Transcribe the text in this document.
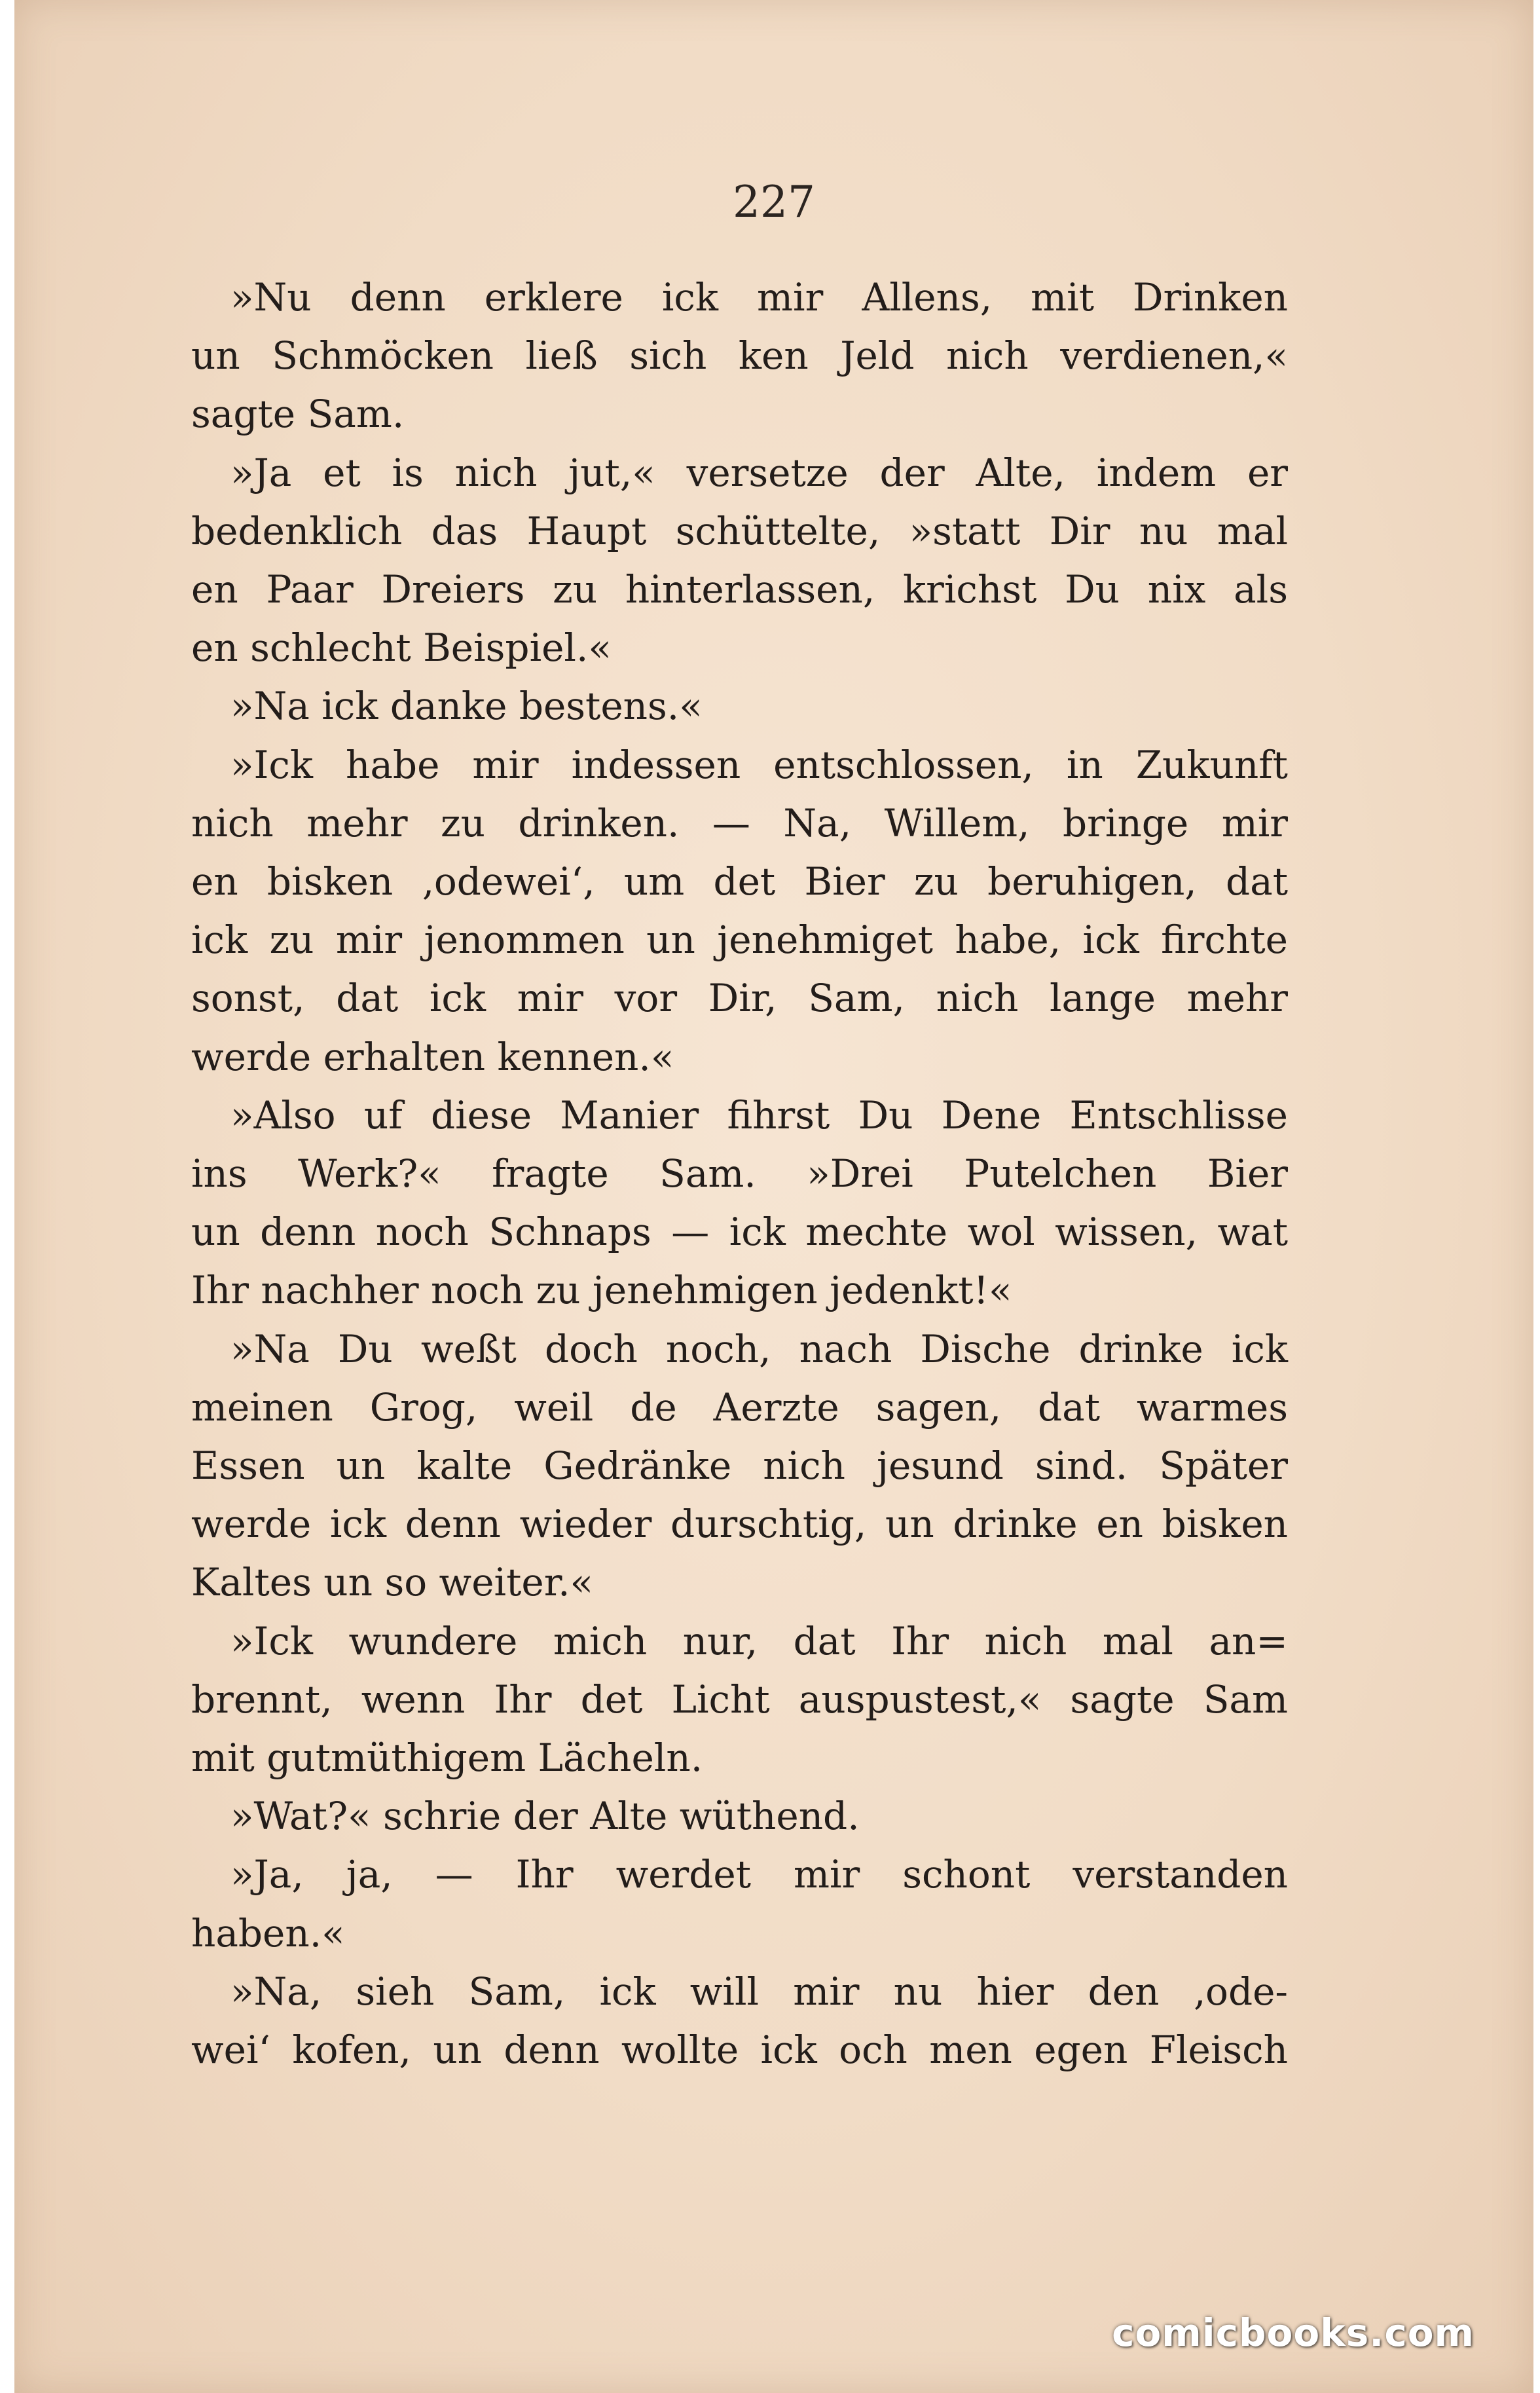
227
»Nu denn erklere ick mir Allens, mit Drinken
un Schmöcken ließ sich ken Jeld nich verdienen,«
sagte Sam.
»Ja et is nich jut,« versetze der Alte, indem er
bedenklich das Haupt schüttelte, »statt Dir nu mal
en Paar Dreiers zu hinterlassen, krichst Du nix als
en schlecht Beispiel.«
»Na ick danke bestens.«
»Ick habe mir indessen entschlossen, in Zukunft
nich mehr zu drinken. — Na, Willem, bringe mir
en bisken ‚odewei‘, um det Bier zu beruhigen, dat
ick zu mir jenommen un jenehmiget habe, ick firchte
sonst, dat ick mir vor Dir, Sam, nich lange mehr
werde erhalten kennen.«
»Also uf diese Manier fihrst Du Dene Entschlisse
ins Werk?« fragte Sam. »Drei Putelchen Bier
un denn noch Schnaps — ick mechte wol wissen, wat
Ihr nachher noch zu jenehmigen jedenkt!«
»Na Du weßt doch noch, nach Dische drinke ick
meinen Grog, weil de Aerzte sagen, dat warmes
Essen un kalte Gedränke nich jesund sind. Später
werde ick denn wieder durschtig, un drinke en bisken
Kaltes un so weiter.«
»Ick wundere mich nur, dat Ihr nich mal an=
brennt, wenn Ihr det Licht auspustest,« sagte Sam
mit gutmüthigem Lächeln.
»Wat?« schrie der Alte wüthend.
»Ja, ja, — Ihr werdet mir schont verstanden
haben.«
»Na, sieh Sam, ick will mir nu hier den ‚ode-
wei‘ kofen, un denn wollte ick och men egen Fleisch
comicbooks.com
